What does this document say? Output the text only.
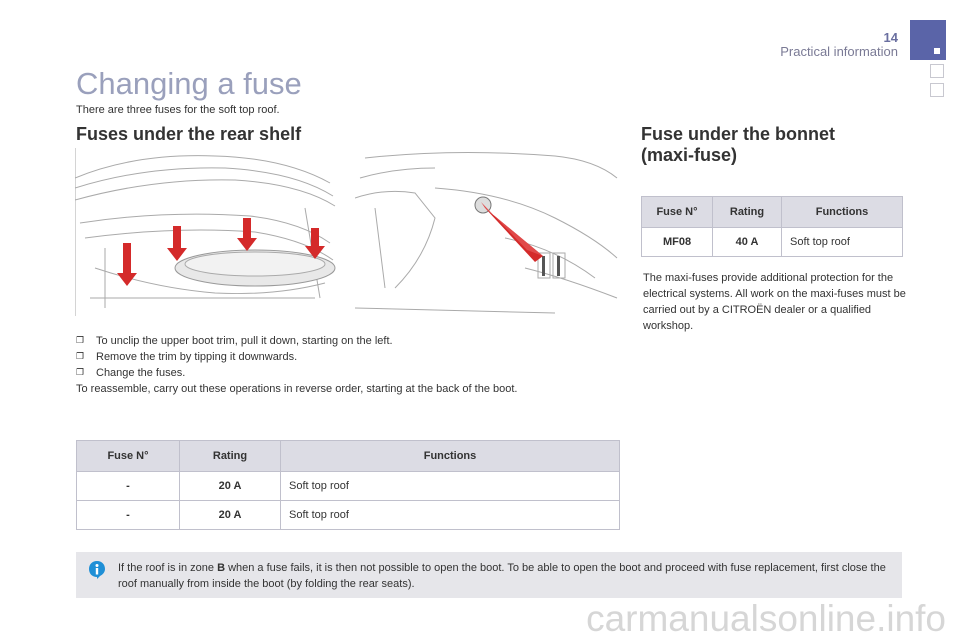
14
Practical information
Changing a fuse
There are three fuses for the soft top roof.
Fuses under the rear shelf	Fuse under the bonnet
(maxi-fuse)
Fuse N°	Rating	Functions
MF08	40 A	Soft top roof
The maxi-fuses provide additional protection for the electrical systems. All work on the maxi-fuses must be carried out by a CITROËN dealer or a qualified workshop.
❐ To unclip the upper boot trim, pull it down, starting on the left.
❐ Remove the trim by tipping it downwards.
❐ Change the fuses.
To reassemble, carry out these operations in reverse order, starting at the back of the boot.
Fuse N°	Rating	Functions
-	20 A	Soft top roof
-	20 A	Soft top roof
If the roof is in zone B when a fuse fails, it is then not possible to open the boot. To be able to open the boot and proceed with fuse replacement, first close the roof manually from inside the boot (by folding the rear seats).
carmanualsonline.info
